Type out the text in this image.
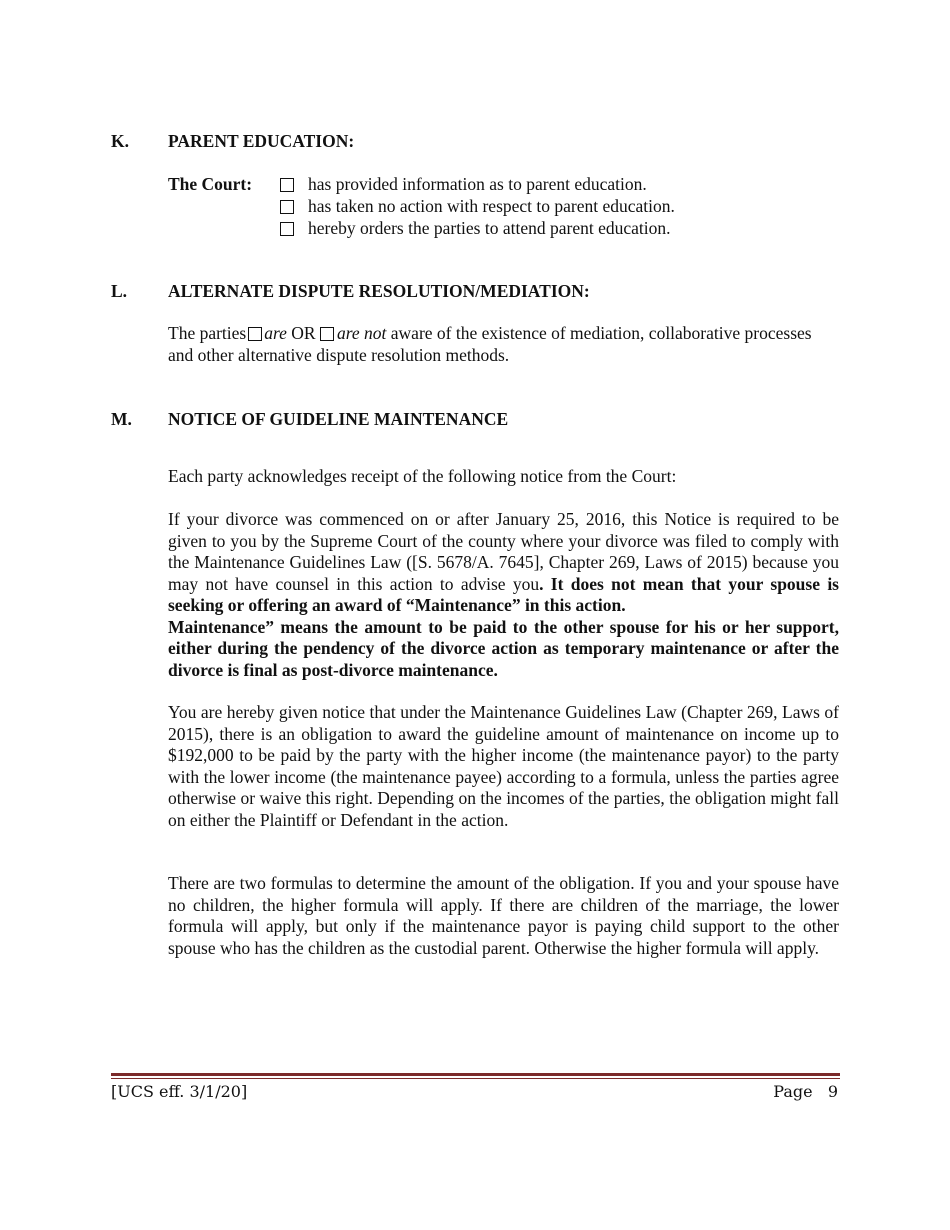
K. PARENT EDUCATION:
The Court:	has provided information as to parent education.
has taken no action with respect to parent education.
hereby orders the parties to attend parent education.
L. ALTERNATE DISPUTE RESOLUTION/MEDIATION:

The parties are OR are not aware of the existence of mediation, collaborative processes and other alternative dispute resolution methods.

M. NOTICE OF GUIDELINE MAINTENANCE

Each party acknowledges receipt of the following notice from the Court:

If your divorce was commenced on or after January 25, 2016, this Notice is required to be given to you by the Supreme Court of the county where your divorce was filed to comply with the Maintenance Guidelines Law ([S. 5678/A. 7645], Chapter 269, Laws of 2015) because you may not have counsel in this action to advise you. It does not mean that your spouse is seeking or offering an award of “Maintenance” in this action.
Maintenance” means the amount to be paid to the other spouse for his or her support, either during the pendency of the divorce action as temporary maintenance or after the divorce is final as post-divorce maintenance.

You are hereby given notice that under the Maintenance Guidelines Law (Chapter 269, Laws of 2015), there is an obligation to award the guideline amount of maintenance on income up to $192,000 to be paid by the party with the higher income (the maintenance payor) to the party with the lower income (the maintenance payee) according to a formula, unless the parties agree otherwise or waive this right. Depending on the incomes of the parties, the obligation might fall on either the Plaintiff or Defendant in the action.

There are two formulas to determine the amount of the obligation. If you and your spouse have no children, the higher formula will apply. If there are children of the marriage, the lower formula will apply, but only if the maintenance payor is paying child support to the other spouse who has the children as the custodial parent. Otherwise the higher formula will apply.

[UCS eff. 3/1/20]	Page   9
